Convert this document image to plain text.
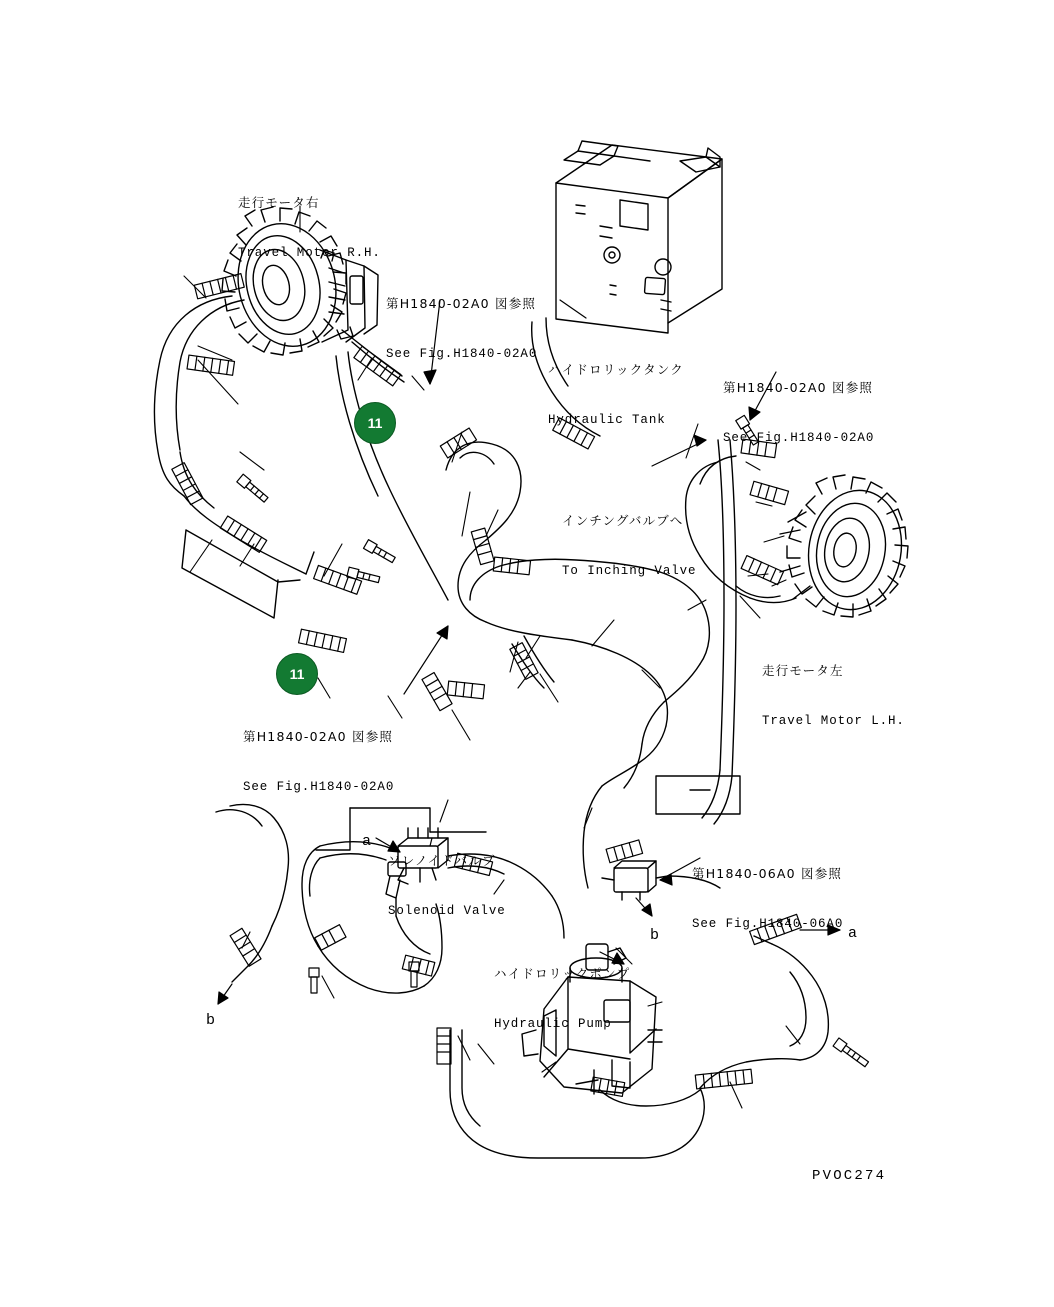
走行モータ右

Travel Motor R.H.

第H1840-02A0 図参照

See Fig.H1840-02A0

ハイドロリックタンク

Hydraulic Tank

第H1840-02A0 図参照

See Fig.H1840-02A0

インチングバルブへ

To Inching Valve

走行モータ左

Travel Motor L.H.

第H1840-02A0 図参照

See Fig.H1840-02A0

ソレノイドバルブ

Solenoid Valve

第H1840-06A0 図参照

See Fig.H1840-06A0

ハイドロリックポンプ

Hydraulic Pump

11
11
a
a
b
b
PVOC274
